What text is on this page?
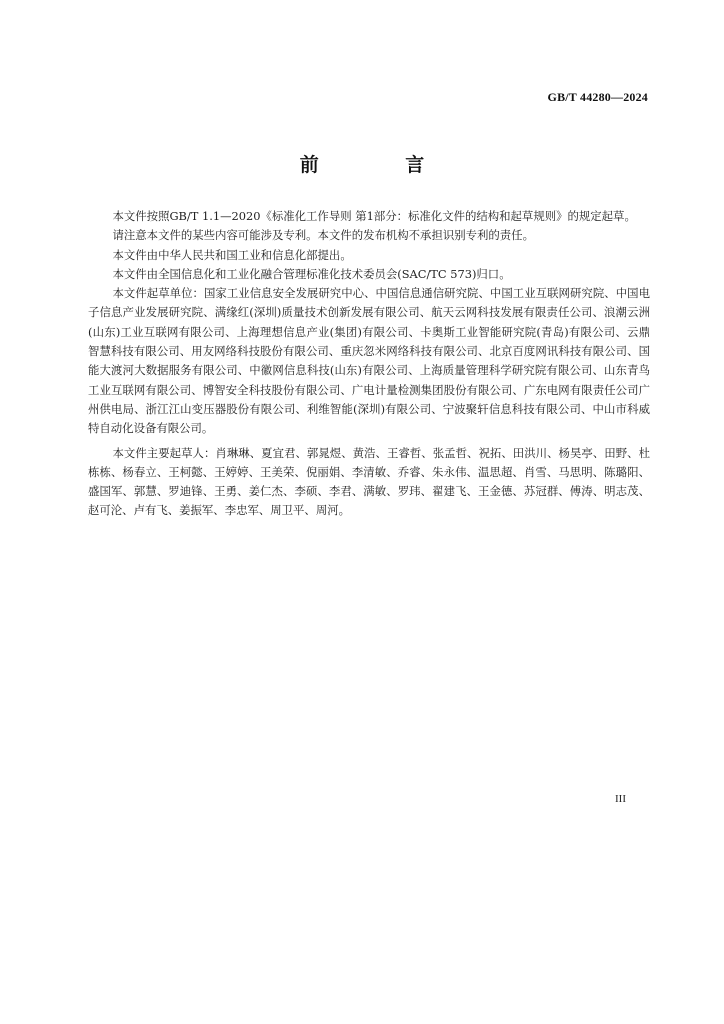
GB/T 44280—2024
前 言

本文件按照GB/T 1.1—2020《标准化工作导则 第1部分：标准化文件的结构和起草规则》的规定起草。

请注意本文件的某些内容可能涉及专利。本文件的发布机构不承担识别专利的责任。

本文件由中华人民共和国工业和信息化部提出。

本文件由全国信息化和工业化融合管理标准化技术委员会(SAC/TC 573)归口。

本文件起草单位：国家工业信息安全发展研究中心、中国信息通信研究院、中国工业互联网研究院、中国电子信息产业发展研究院、满缘红(深圳)质量技术创新发展有限公司、航天云网科技发展有限责任公司、浪潮云洲(山东)工业互联网有限公司、上海理想信息产业(集团)有限公司、卡奥斯工业智能研究院(青岛)有限公司、云鼎智慧科技有限公司、用友网络科技股份有限公司、重庆忽米网络科技有限公司、北京百度网讯科技有限公司、国能大渡河大数据服务有限公司、中徽网信息科技(山东)有限公司、上海质量管理科学研究院有限公司、山东青鸟工业互联网有限公司、博智安全科技股份有限公司、广电计量检测集团股份有限公司、广东电网有限责任公司广州供电局、浙江江山变压器股份有限公司、利维智能(深圳)有限公司、宁波聚轩信息科技有限公司、中山市科威特自动化设备有限公司。

本文件主要起草人：肖琳琳、夏宜君、郭晁煜、黄浩、王睿哲、张孟哲、祝拓、田洪川、杨昊亭、田野、杜栋栋、杨春立、王柯懿、王婷婷、王美荣、倪丽娟、李清敏、乔睿、朱永伟、温思超、肖雪、马思明、陈璐阳、盛国军、郭慧、罗迪锋、王勇、姜仁杰、李硕、李君、满敏、罗玮、翟建飞、王金德、苏冠群、傅涛、明志茂、赵可沦、卢有飞、姜振军、李忠军、周卫平、周河。

III
